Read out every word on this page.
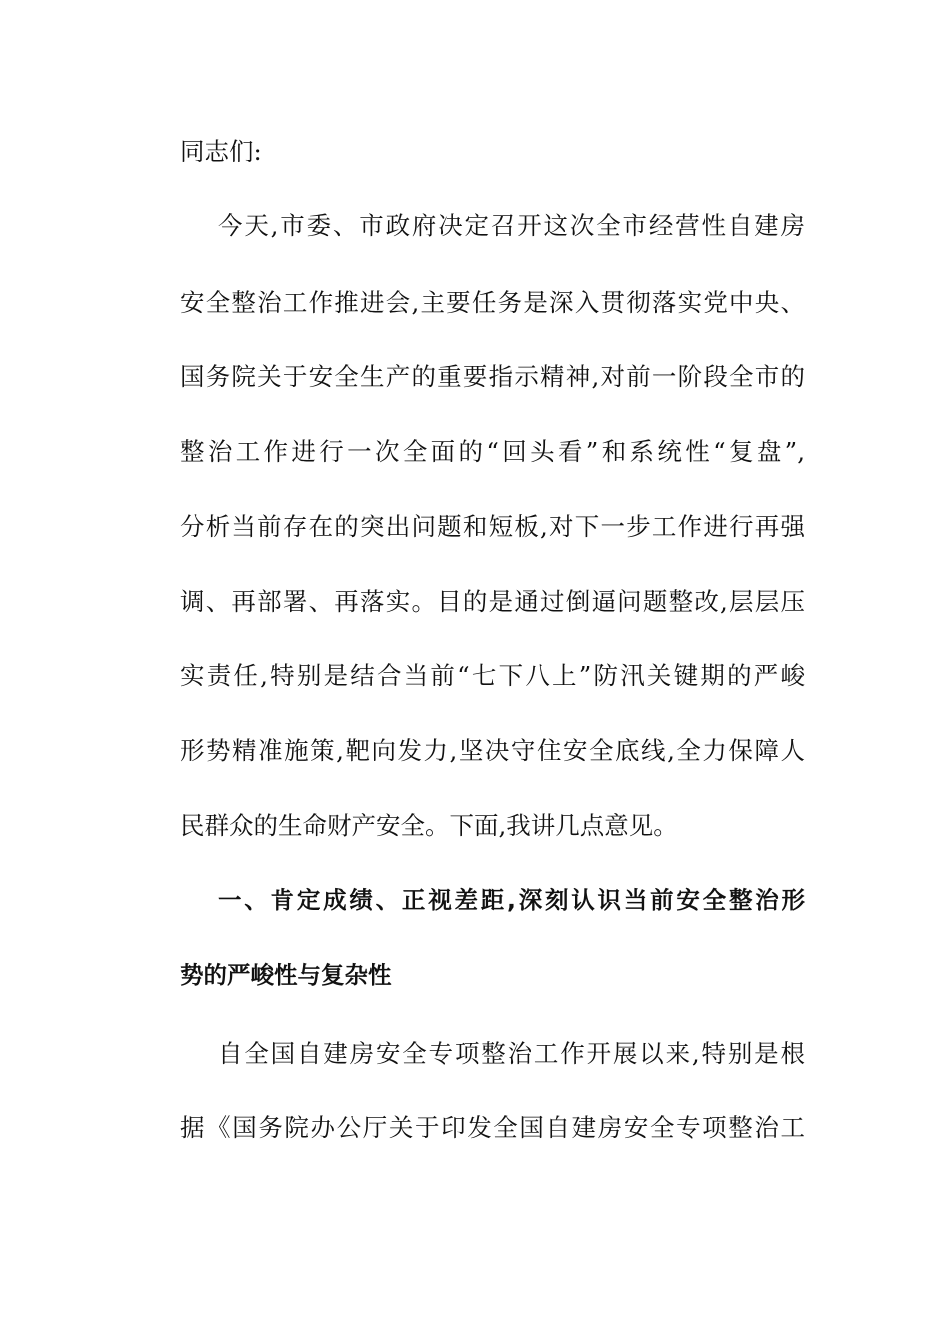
同志们:
今天,市委、市政府决定召开这次全市经营性自建房
安全整治工作推进会,主要任务是深入贯彻落实党中央、
国务院关于安全生产的重要指示精神,对前一阶段全市的
整治工作进行一次全面的“回头看”和系统性“复盘”,
分析当前存在的突出问题和短板,对下一步工作进行再强
调、再部署、再落实。目的是通过倒逼问题整改,层层压
实责任,特别是结合当前“七下八上”防汛关键期的严峻
形势精准施策,靶向发力,坚决守住安全底线,全力保障人
民群众的生命财产安全。下面,我讲几点意见。
一、肯定成绩、正视差距,深刻认识当前安全整治形
势的严峻性与复杂性
自全国自建房安全专项整治工作开展以来,特别是根
据《国务院办公厅关于印发全国自建房安全专项整治工
